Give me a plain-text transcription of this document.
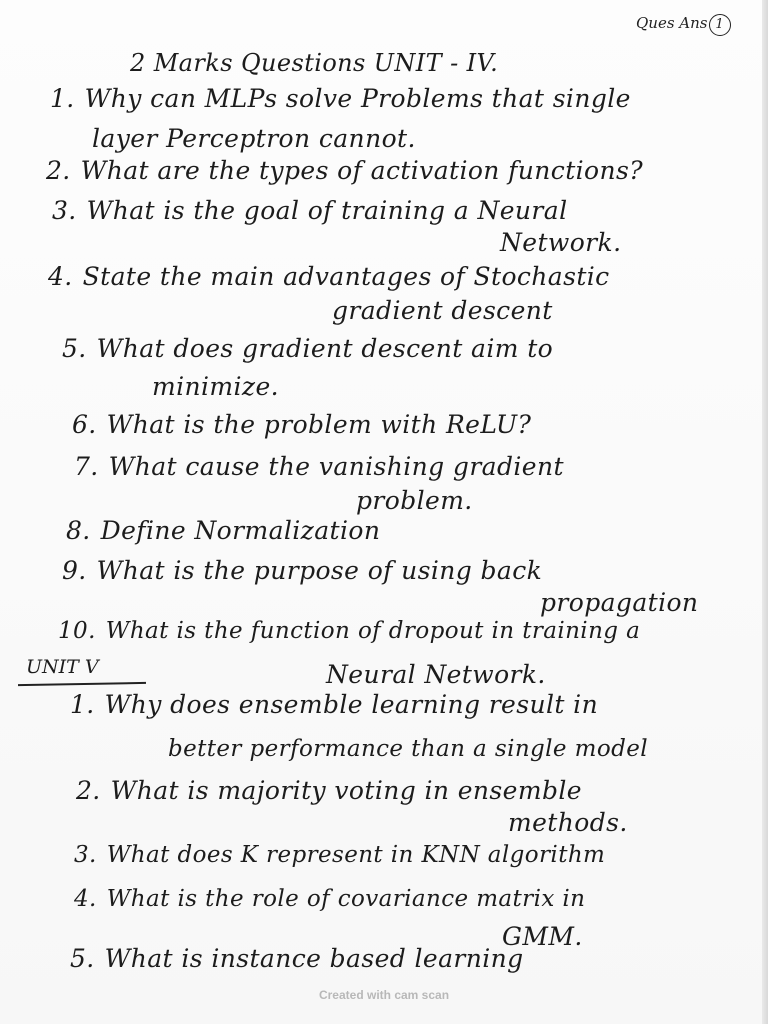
Ques Ans 1
2 Marks Questions UNIT - IV.
1. Why can MLPs solve Problems that single
layer Perceptron cannot.
2. What are the types of activation functions?
3. What is the goal of training a Neural
Network.
4. State the main advantages of Stochastic
gradient descent
5. What does gradient descent aim to
minimize.
6. What is the problem with ReLU?
7. What cause the vanishing gradient
problem.
8. Define Normalization
9. What is the purpose of using back
propagation
10. What is the function of dropout in training a
Neural Network.
UNIT V
1. Why does ensemble learning result in
better performance than a single model
2. What is majority voting in ensemble
methods.
3. What does K represent in KNN algorithm
4. What is the role of covariance matrix in
GMM.
5. What is instance based learning
Created with cam scan
